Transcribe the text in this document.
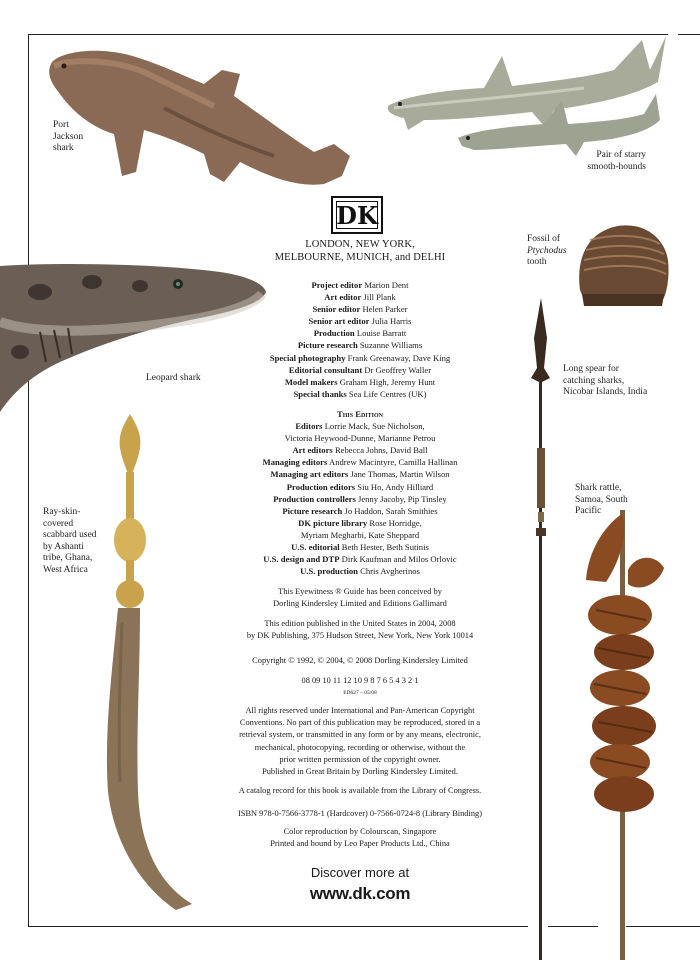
Port
Jackson
shark
Pair of starry
smooth-hounds
DK
LONDON, NEW YORK,
MELBOURNE, MUNICH, and DELHI
Project editor Marion Dent
Art editor Jill Plank
Senior editor Helen Parker
Senior art editor Julia Harris
Production Louise Barratt
Picture research Suzanne Williams
Special photography Frank Greenaway, Dave King
Editorial consultant Dr Geoffrey Waller
Model makers Graham High, Jeremy Hunt
Special thanks Sea Life Centres (UK)
This Edition
Editors Lorrie Mack, Sue Nicholson,
Victoria Heywood-Dunne, Marianne Petrou
Art editors Rebecca Johns, David Ball
Managing editors Andrew Macintyre, Camilla Hallinan
Managing art editors Jane Thomas, Martin Wilson
Production editors Siu Ho, Andy Hilliard
Production controllers Jenny Jacoby, Pip Tinsley
Picture research Jo Haddon, Sarah Smithies
DK picture library Rose Horridge,
Myriam Megharbi, Kate Sheppard
U.S. editorial Beth Hester, Beth Sutinis
U.S. design and DTP Dirk Kaufman and Milos Orlovic
U.S. production Chris Avgherinos
This Eyewitness ® Guide has been conceived by
Dorling Kindersley Limited and Editions Gallimard
This edition published in the United States in 2004, 2008
by DK Publishing, 375 Hudson Street, New York, New York 10014
Copyright © 1992, © 2004, © 2008 Dorling Kindersley Limited
08 09 10 11 12 10 9 8 7 6 5 4 3 2 1
ED627 – 05/08
All rights reserved under International and Pan-American Copyright
Conventions. No part of this publication may be reproduced, stored in a
retrieval system, or transmitted in any form or by any means, electronic,
mechanical, photocopying, recording or otherwise, without the
prior written permission of the copyright owner.
Published in Great Britain by Dorling Kindersley Limited.
A catalog record for this book is available from the Library of Congress.
ISBN 978-0-7566-3778-1 (Hardcover) 0-7566-0724-8 (Library Binding)
Color reproduction by Colourscan, Singapore
Printed and bound by Leo Paper Products Ltd., China
Discover more at
www.dk.com
Fossil of
Ptychodus
tooth
Leopard shark
Long spear for
catching sharks,
Nicobar Islands, India
Shark rattle,
Samoa, South
Pacific
Ray-skin-
covered
scabbard used
by Ashanti
tribe, Ghana,
West Africa
